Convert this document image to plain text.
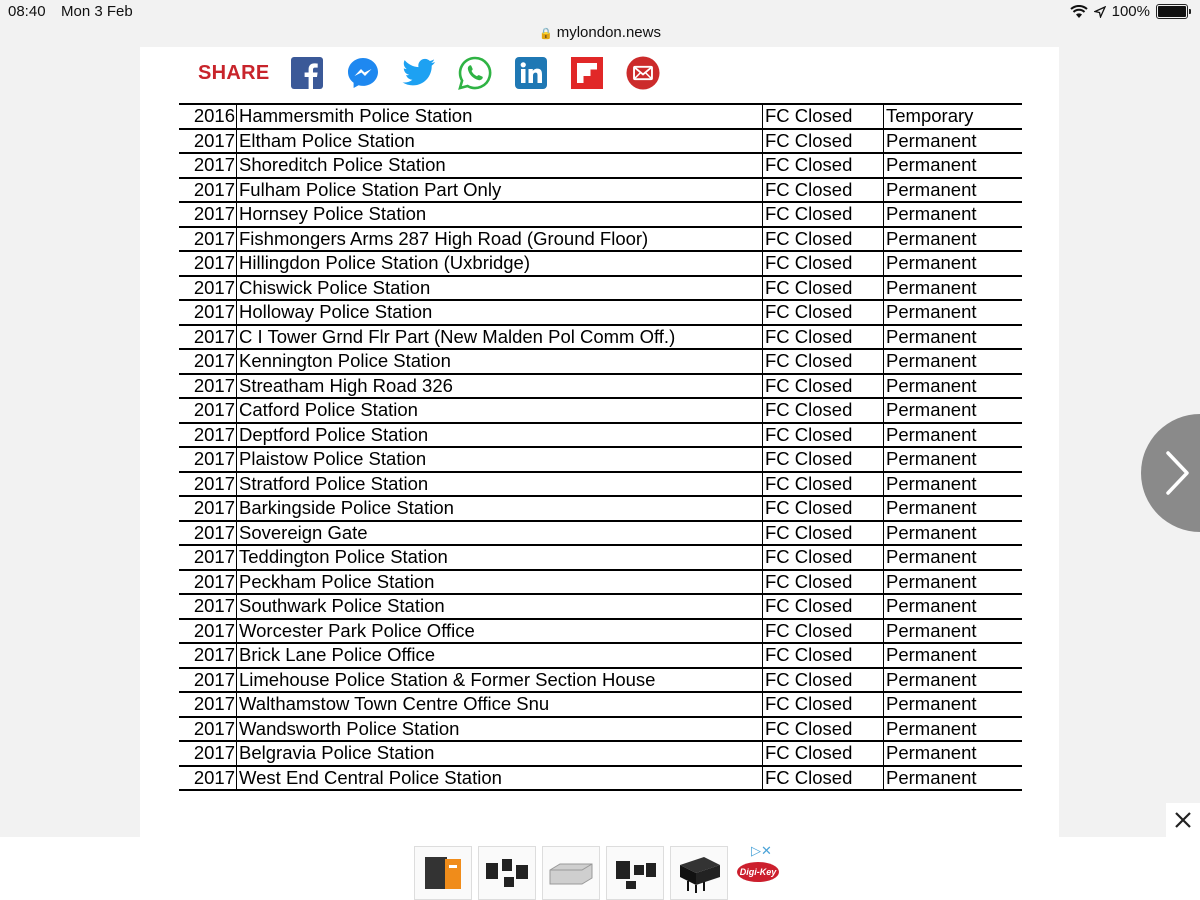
08:40 Mon 3 Feb	100%
🔒 mylondon.news
SHARE
2016	Hammersmith Police Station	FC Closed	Temporary
2017	Eltham Police Station	FC Closed	Permanent
2017	Shoreditch Police Station	FC Closed	Permanent
2017	Fulham Police Station Part Only	FC Closed	Permanent
2017	Hornsey Police Station	FC Closed	Permanent
2017	Fishmongers Arms 287 High Road (Ground Floor)	FC Closed	Permanent
2017	Hillingdon Police Station (Uxbridge)	FC Closed	Permanent
2017	Chiswick Police Station	FC Closed	Permanent
2017	Holloway Police Station	FC Closed	Permanent
2017	C I Tower Grnd Flr Part (New Malden Pol Comm Off.)	FC Closed	Permanent
2017	Kennington Police Station	FC Closed	Permanent
2017	Streatham High Road 326	FC Closed	Permanent
2017	Catford Police Station	FC Closed	Permanent
2017	Deptford Police Station	FC Closed	Permanent
2017	Plaistow Police Station	FC Closed	Permanent
2017	Stratford Police Station	FC Closed	Permanent
2017	Barkingside Police Station	FC Closed	Permanent
2017	Sovereign Gate	FC Closed	Permanent
2017	Teddington Police Station	FC Closed	Permanent
2017	Peckham Police Station	FC Closed	Permanent
2017	Southwark Police Station	FC Closed	Permanent
2017	Worcester Park Police Office	FC Closed	Permanent
2017	Brick Lane Police Office	FC Closed	Permanent
2017	Limehouse Police Station & Former Section House	FC Closed	Permanent
2017	Walthamstow Town Centre Office Snu	FC Closed	Permanent
2017	Wandsworth Police Station	FC Closed	Permanent
2017	Belgravia Police Station	FC Closed	Permanent
2017	West End Central Police Station	FC Closed	Permanent
▷✕
Digi-Key
